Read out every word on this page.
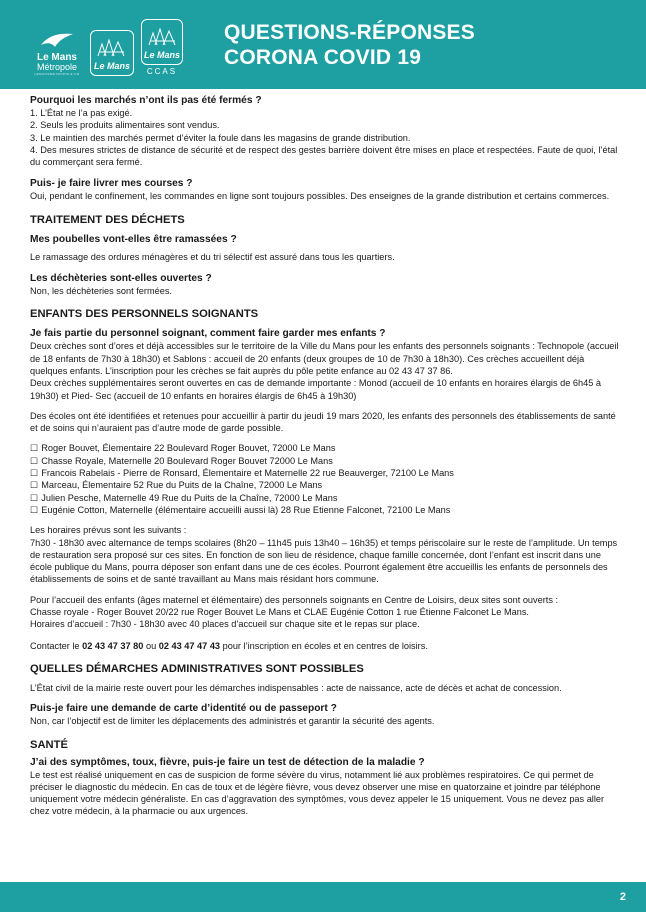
Le Mans
Métropole
LEMANSMETROPOLE.FR
Le Mans
Le Mans
CCAS
QUESTIONS-RÉPONSES
CORONA COVID 19

Pourquoi les marchés n’ont ils pas été fermés ?

1. L’État ne l’a pas exigé.

2. Seuls les produits alimentaires sont vendus.

3. Le maintien des marchés permet d’éviter la foule dans les magasins de grande distribution.

4. Des mesures strictes de distance de sécurité et de respect des gestes barrière doivent être mises en place et respectées. Faute de quoi, l’étal du commerçant sera fermé.

Puis- je faire livrer mes courses ?

Oui, pendant le confinement, les commandes en ligne sont toujours possibles. Des enseignes de la grande distribution et certains commerces.

TRAITEMENT DES DÉCHETS

Mes poubelles vont-elles être ramassées ?

Le ramassage des ordures ménagères et du tri sélectif est assuré dans tous les quartiers.

Les déchèteries sont-elles ouvertes ?

Non, les déchèteries sont fermées.

ENFANTS DES PERSONNELS SOIGNANTS

Je fais partie du personnel soignant, comment faire garder mes enfants ?

Deux crèches sont d’ores et déjà accessibles sur le territoire de la Ville du Mans pour les enfants des personnels soignants : Technopole (accueil de 18 enfants de 7h30 à 18h30) et Sablons : accueil de 20 enfants (deux groupes de 10 de 7h30 à 18h30). Ces crèches accueillent déjà quelques enfants. L’inscription pour les crèches se fait auprès du pôle petite enfance au 02 43 47 37 86.

Deux crèches supplémentaires seront ouvertes en cas de demande importante : Monod (accueil de 10 enfants en horaires élargis de 6h45 à 19h30) et Pied- Sec (accueil de 10 enfants en horaires élargis de 6h45 à 19h30)

Des écoles ont été identifiées et retenues pour accueillir à partir du jeudi 19 mars 2020, les enfants des personnels des établissements de santé et de soins qui n’auraient pas d’autre mode de garde possible.

☐ Roger Bouvet, Élementaire 22 Boulevard Roger Bouvet, 72000 Le Mans

☐ Chasse Royale, Maternelle 20 Boulevard Roger Bouvet 72000 Le Mans

☐ Francois Rabelais - Pierre de Ronsard, Élementaire et Maternelle 22 rue Beauverger, 72100 Le Mans

☐ Marceau, Élementaire 52 Rue du Puits de la Chaîne, 72000 Le Mans

☐ Julien Pesche, Maternelle 49 Rue du Puits de la Chaîne, 72000 Le Mans

☐ Eugénie Cotton, Maternelle (élémentaire accueilli aussi là) 28 Rue Etienne Falconet, 72100 Le Mans

Les horaires prévus sont les suivants :

7h30 - 18h30 avec alternance de temps scolaires (8h20 – 11h45 puis 13h40 – 16h35) et temps périscolaire sur le reste de l’amplitude. Un temps de restauration sera proposé sur ces sites. En fonction de son lieu de résidence, chaque famille concernée, dont l’enfant est inscrit dans une école publique du Mans, pourra déposer son enfant dans une de ces écoles. Pourront également être accueillis les enfants de personnels des établissements de soins et de santé travaillant au Mans mais résidant hors commune.

Pour l’accueil des enfants (âges maternel et élémentaire) des personnels soignants en Centre de Loisirs, deux sites sont ouverts :

Chasse royale - Roger Bouvet 20/22 rue Roger Bouvet Le Mans et CLAE Eugénie Cotton 1 rue Étienne Falconet Le Mans.

Horaires d’accueil : 7h30 - 18h30 avec 40 places d’accueil sur chaque site et le repas sur place.

Contacter le 02 43 47 37 80 ou 02 43 47 47 43 pour l’inscription en écoles et en centres de loisirs.

QUELLES DÉMARCHES ADMINISTRATIVES SONT POSSIBLES

L’État civil de la mairie reste ouvert pour les démarches indispensables : acte de naissance, acte de décès et achat de concession.

Puis-je faire une demande de carte d’identité ou de passeport ?

Non, car l’objectif est de limiter les déplacements des administrés et garantir la sécurité des agents.

SANTÉ

J’ai des symptômes, toux, fièvre, puis-je faire un test de détection de la maladie ?

Le test est réalisé uniquement en cas de suspicion de forme sévère du virus, notamment lié aux problèmes respiratoires. Ce qui permet de préciser le diagnostic du médecin. En cas de toux et de légère fièvre, vous devez observer une mise en quatorzaine et joindre par téléphone uniquement votre médecin généraliste. En cas d’aggravation des symptômes, vous devez appeler le 15 uniquement. Vous ne devez pas aller chez votre médecin, à la pharmacie ou aux urgences.

2
